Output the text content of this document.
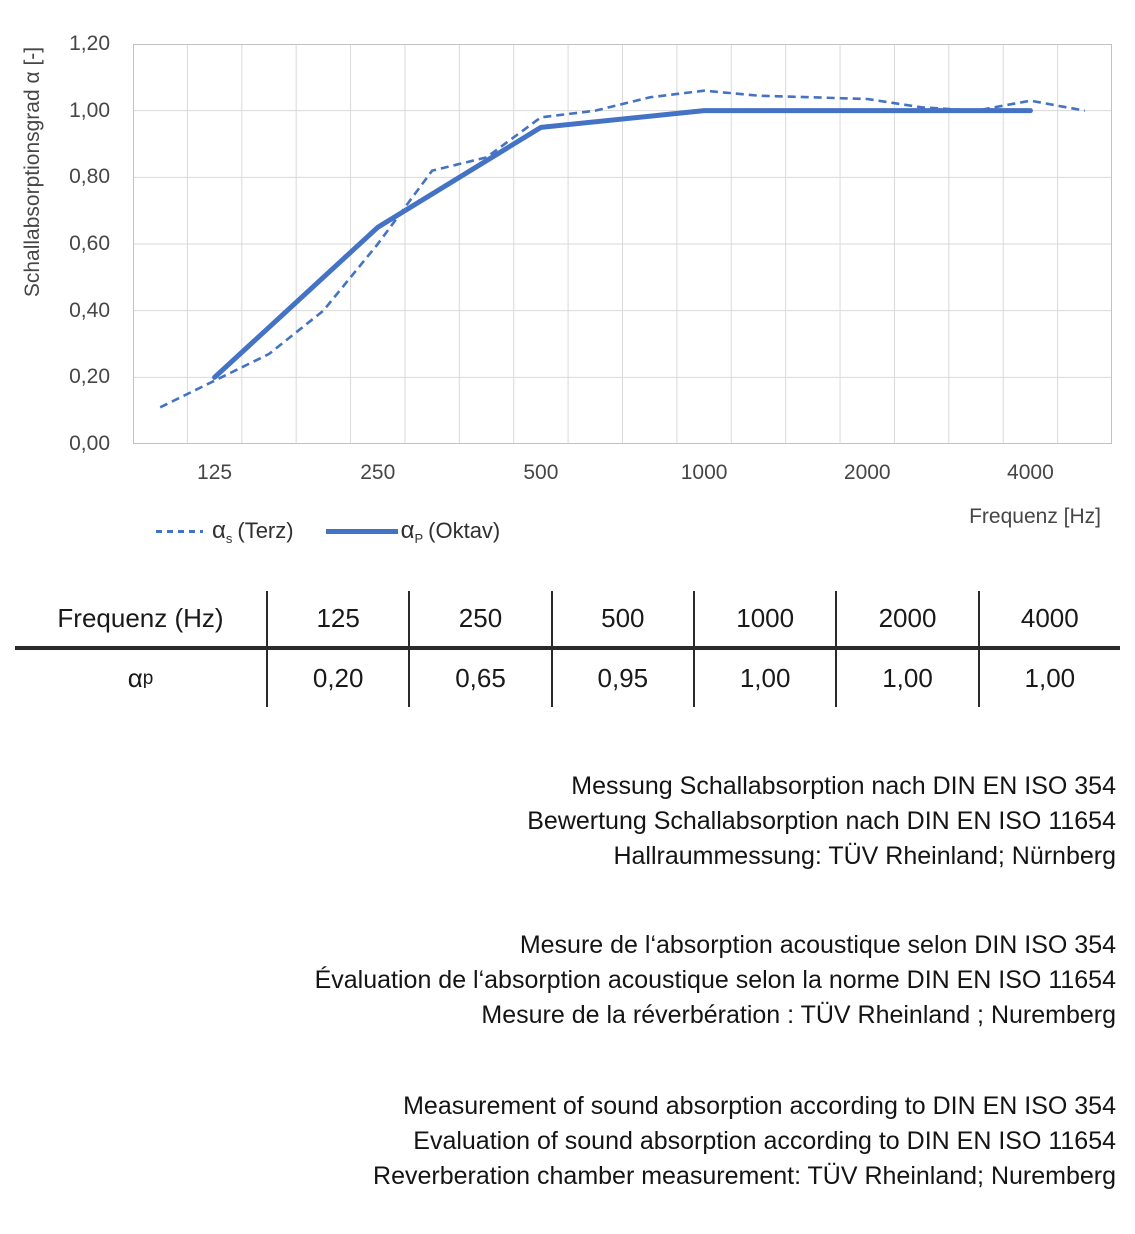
Schallabsorptionsgrad α [-]
1,20
1,00
0,80
0,60
0,40
0,20
0,00
125	250	500	1000	2000	4000
Frequenz [Hz]
$\alpha_s$ (Terz)	$\alpha_P$ (Oktav)
Frequenz (Hz)	125	250	500	1000	2000	4000
α p	0,20	0,65	0,95	1,00	1,00	1,00
Messung Schallabsorption nach DIN EN ISO 354
Bewertung Schallabsorption nach DIN EN ISO 11654
Hallraummessung: TÜV Rheinland; Nürnberg
Mesure de l‘absorption acoustique selon DIN ISO 354
Évaluation de l‘absorption acoustique selon la norme DIN EN ISO 11654
Mesure de la réverbération : TÜV Rheinland ; Nuremberg
Measurement of sound absorption according to DIN EN ISO 354
Evaluation of sound absorption according to DIN EN ISO 11654
Reverberation chamber measurement: TÜV Rheinland; Nuremberg
